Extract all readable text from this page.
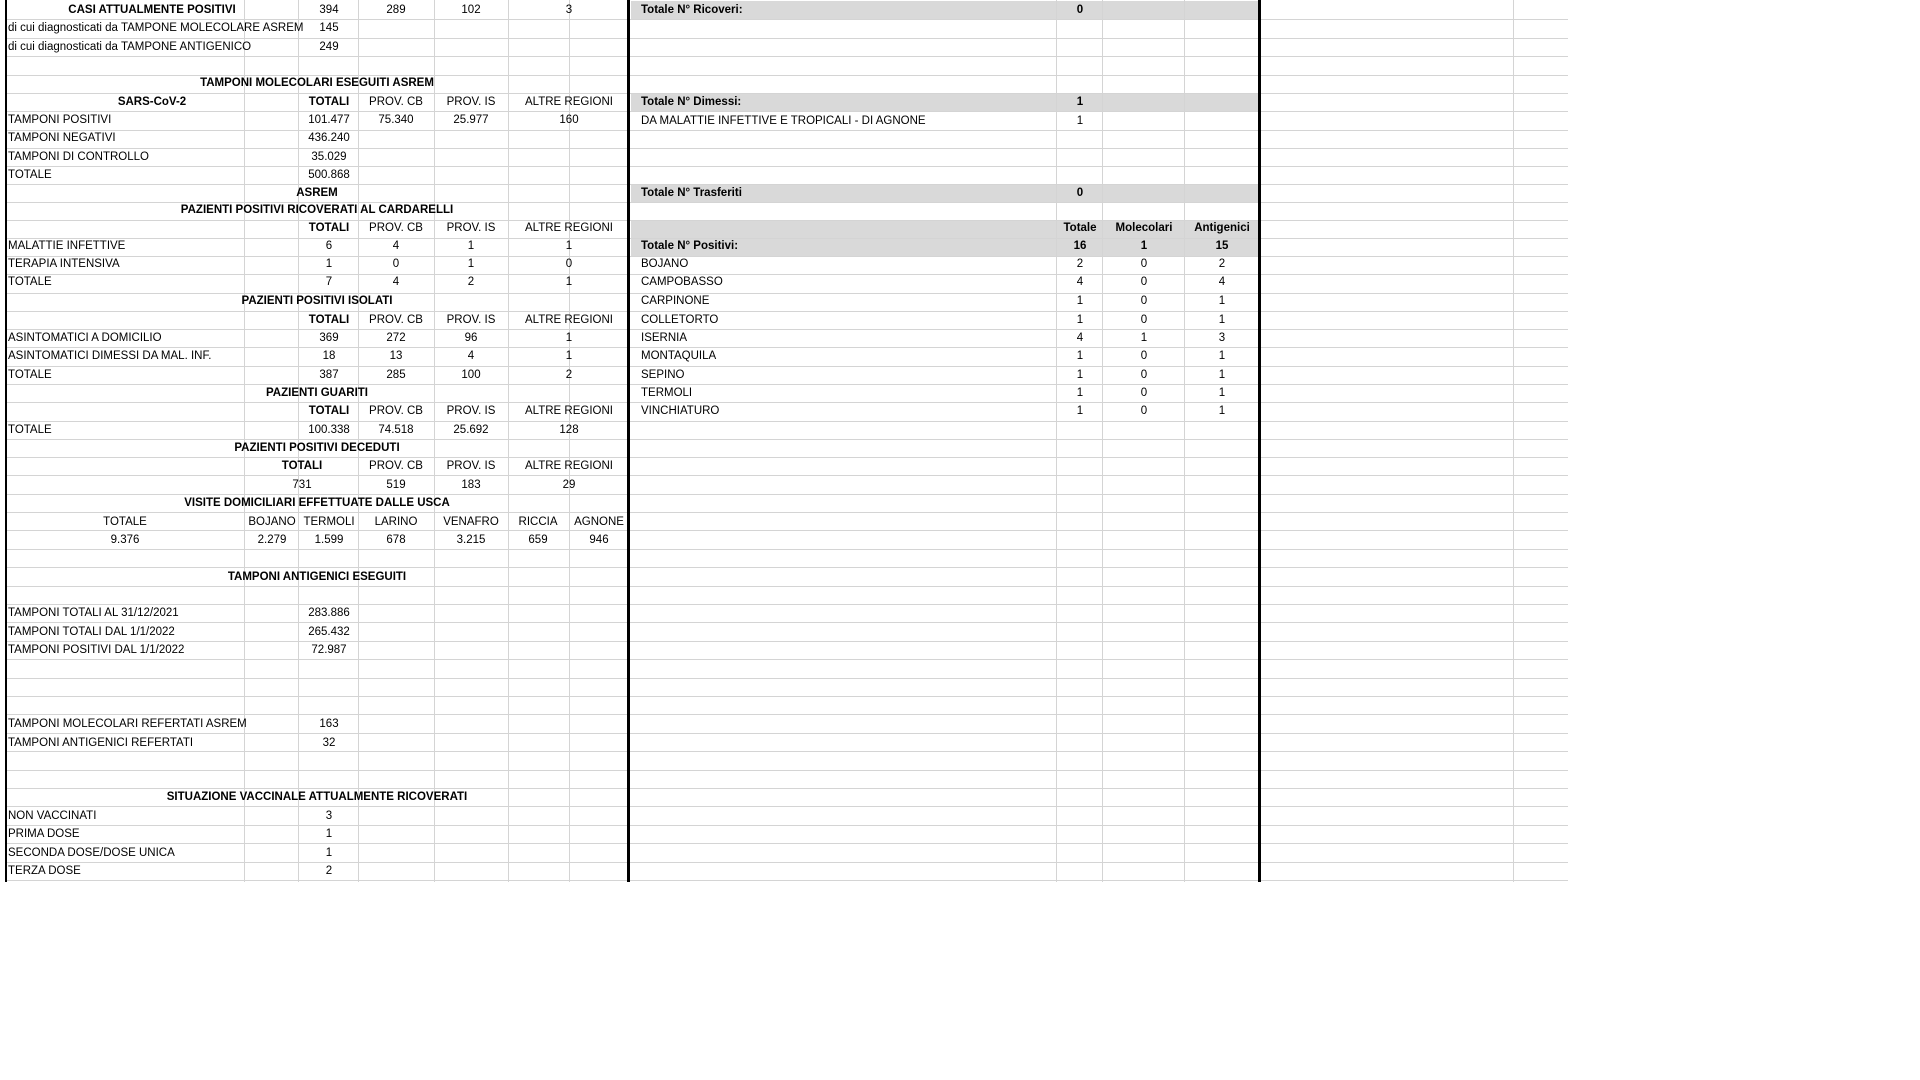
CASI ATTUALMENTE POSITIVI	394	289	102	3
di cui diagnosticati da TAMPONE MOLECOLARE ASREM 145
di cui diagnosticati da TAMPONE ANTIGENICO	249
TAMPONI MOLECOLARI ESEGUITI ASREM
SARS-CoV-2	TOTALI PROV. CB PROV. IS	ALTRE REGIONI
TAMPONI POSITIVI	101.477 75.340	25.977	160
TAMPONI NEGATIVI	436.240
TAMPONI DI CONTROLLO	35.029
TOTALE	500.868
ASREM
PAZIENTI POSITIVI RICOVERATI AL CARDARELLI
TOTALI PROV. CB PROV. IS	ALTRE REGIONI
MALATTIE INFETTIVE	6	4	1	1
TERAPIA INTENSIVA	1	0	1	0
TOTALE	7	4	2	1
PAZIENTI POSITIVI ISOLATI
TOTALI PROV. CB PROV. IS	ALTRE REGIONI
ASINTOMATICI A DOMICILIO	369	272	96	1
ASINTOMATICI DIMESSI DA MAL. INF.	18	13	4	1
TOTALE	387	285	100	2
PAZIENTI GUARITI
TOTALI PROV. CB PROV. IS	ALTRE REGIONI
TOTALE	100.338 74.518	25.692	128
PAZIENTI POSITIVI DECEDUTI
TOTALI	PROV. CB PROV. IS	ALTRE REGIONI
731	519	183	29
VISITE DOMICILIARI EFFETTUATE DALLE USCA
TOTALE	BOJANO TERMOLI LARINO VENAFRO RICCIA AGNONE
9.376	2.279 1.599	678	3.215	659	946
TAMPONI ANTIGENICI ESEGUITI
TAMPONI TOTALI AL 31/12/2021	283.886
TAMPONI TOTALI DAL 1/1/2022	265.432
TAMPONI POSITIVI DAL 1/1/2022	72.987
TAMPONI MOLECOLARI REFERTATI ASREM	163
TAMPONI ANTIGENICI REFERTATI	32
SITUAZIONE VACCINALE ATTUALMENTE RICOVERATI
NON VACCINATI	3
PRIMA DOSE	1
SECONDA DOSE/DOSE UNICA	1
TERZA DOSE	2
Totale N° Ricoveri:	0
Totale N° Dimessi:	1
DA MALATTIE INFETTIVE E TROPICALI - DI AGNONE	1
Totale N° Trasferiti	0
Totale Molecolari Antigenici
Totale N° Positivi:	16	1	15
BOJANO	2	0	2
CAMPOBASSO	4	0	4
CARPINONE	1	0	1
COLLETORTO	1	0	1
ISERNIA	4	1	3
MONTAQUILA	1	0	1
SEPINO	1	0	1
TERMOLI	1	0	1
VINCHIATURO	1	0	1
